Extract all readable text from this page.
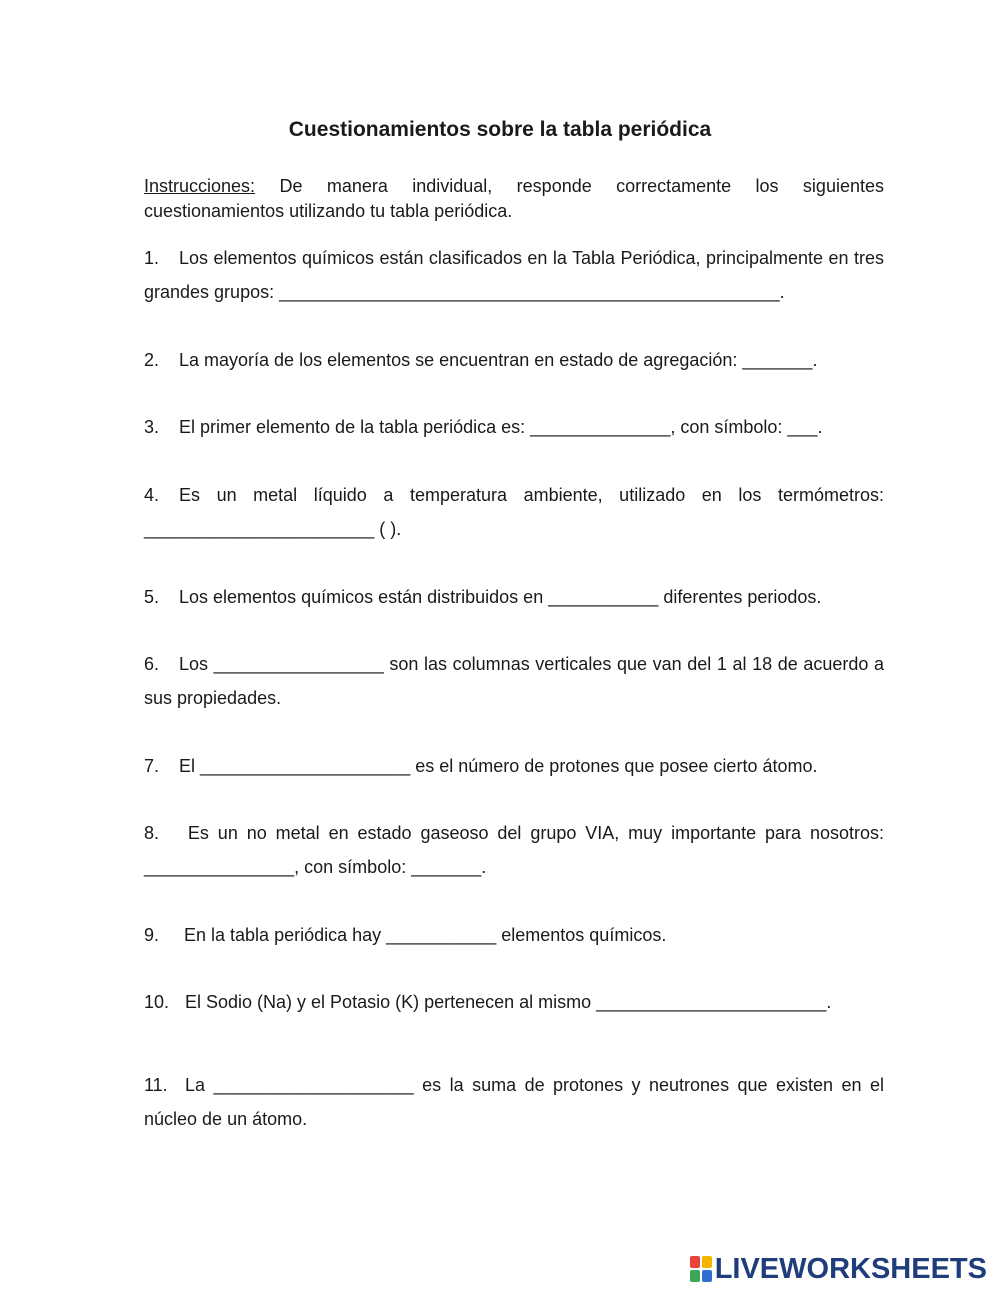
Cuestionamientos sobre la tabla periódica

Instrucciones: De manera individual, responde correctamente los siguientes cuestionamientos utilizando tu tabla periódica.

1. Los elementos químicos están clasificados en la Tabla Periódica, principalmente en tres grandes grupos: __________________________________________________.

2. La mayoría de los elementos se encuentran en estado de agregación: _______.

3. El primer elemento de la tabla periódica es: ______________, con símbolo: ___.

4. Es un metal líquido a temperatura ambiente, utilizado en los termómetros: _______________________ ( ).

5. Los elementos químicos están distribuidos en ___________ diferentes periodos.

6. Los _________________ son las columnas verticales que van del 1 al 18 de acuerdo a sus propiedades.

7. El _____________________ es el número de protones que posee cierto átomo.

8. Es un no metal en estado gaseoso del grupo VIA, muy importante para nosotros: _______________, con símbolo: _______.

9. En la tabla periódica hay ___________ elementos químicos.

10. El Sodio (Na) y el Potasio (K) pertenecen al mismo _______________________.

11. La ____________________ es la suma de protones y neutrones que existen en el núcleo de un átomo.

LIVEWORKSHEETS
